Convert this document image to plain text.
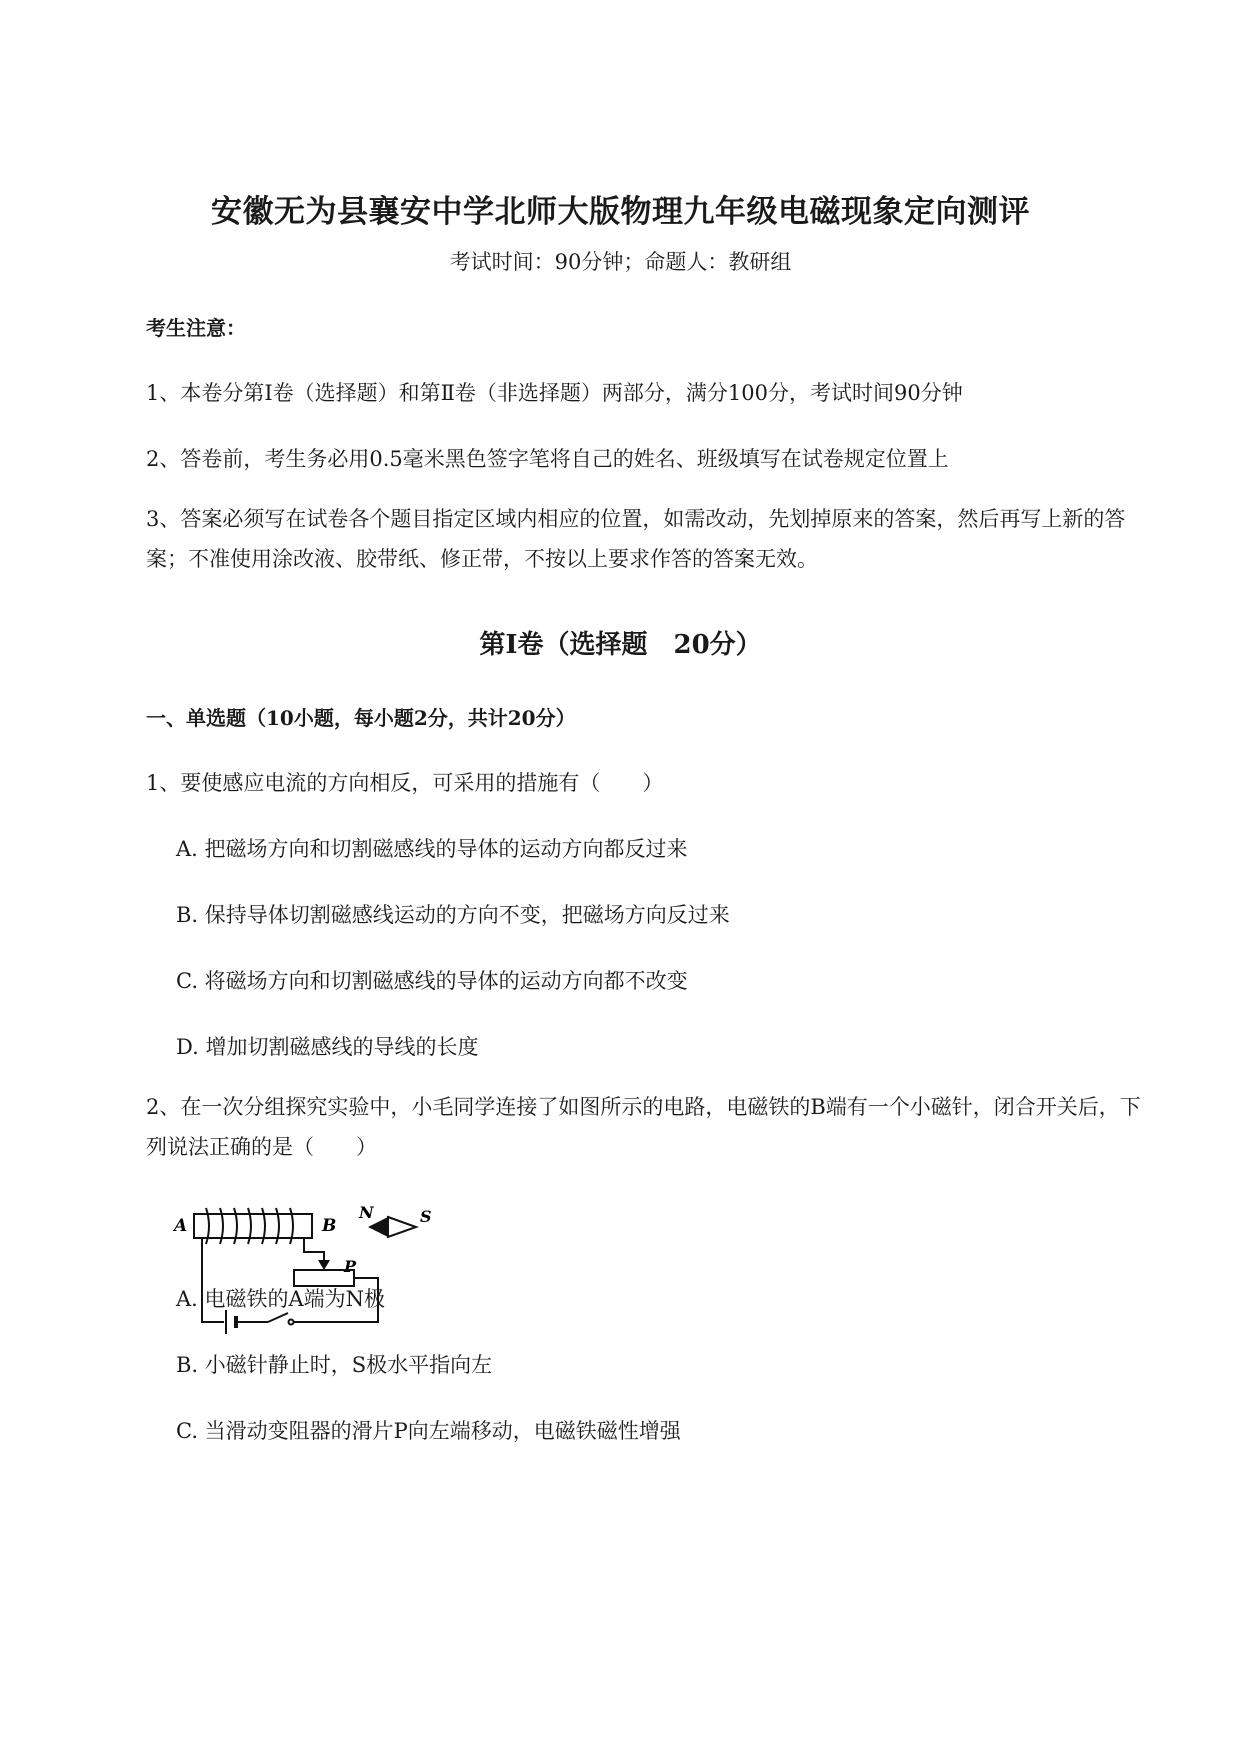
安徽无为县襄安中学北师大版物理九年级电磁现象定向测评
考试时间：90分钟；命题人：教研组
考生注意：
1、本卷分第I卷（选择题）和第Ⅱ卷（非选择题）两部分，满分100分，考试时间90分钟
2、答卷前，考生务必用0.5毫米黑色签字笔将自己的姓名、班级填写在试卷规定位置上
3、答案必须写在试卷各个题目指定区域内相应的位置，如需改动，先划掉原来的答案，然后再写上新的答案；不准使用涂改液、胶带纸、修正带，不按以上要求作答的答案无效。
第I卷（选择题　20分）
一、单选题（10小题，每小题2分，共计20分）
1、要使感应电流的方向相反，可采用的措施有（　　）
A. 把磁场方向和切割磁感线的导体的运动方向都反过来
B. 保持导体切割磁感线运动的方向不变，把磁场方向反过来
C. 将磁场方向和切割磁感线的导体的运动方向都不改变
D. 增加切割磁感线的导线的长度
2、在一次分组探究实验中，小毛同学连接了如图所示的电路，电磁铁的B端有一个小磁针，闭合开关后，下列说法正确的是（　　）
A	B
N	S
P
A. 电磁铁的A端为N极
B. 小磁针静止时，S极水平指向左
C. 当滑动变阻器的滑片P向左端移动，电磁铁磁性增强
